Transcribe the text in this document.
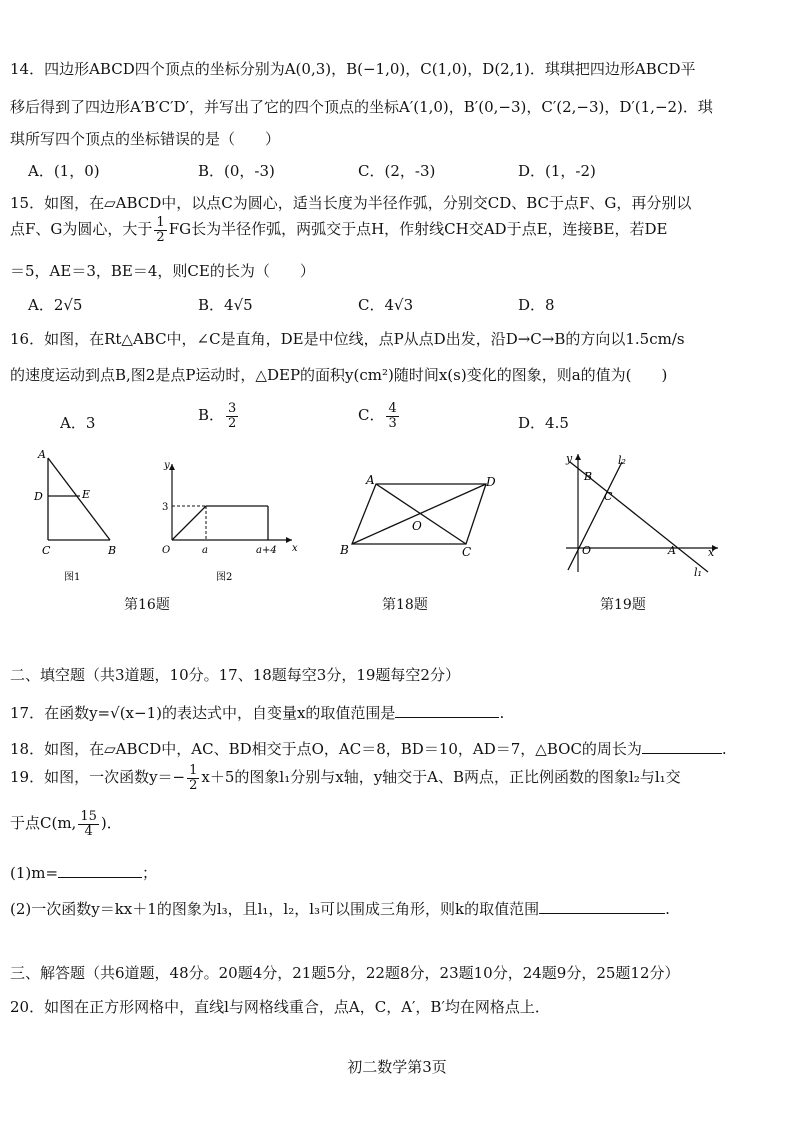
14．四边形ABCD四个顶点的坐标分别为A(0,3)，B(−1,0)，C(1,0)，D(2,1)．琪琪把四边形ABCD平
移后得到了四边形A′B′C′D′，并写出了它的四个顶点的坐标A′(1,0)，B′(0,−3)，C′(2,−3)，D′(1,−2)．琪
琪所写四个顶点的坐标错误的是（　　）
A．(1，0)	B．(0，-3)	C．(2，-3)	D．(1，-2)
15．如图，在▱ABCD中，以点C为圆心，适当长度为半径作弧，分别交CD、BC于点F、G，再分别以
点F、G为圆心，大于 $\frac{1}{2}$ FG长为半径作弧，两弧交于点H，作射线CH交AD于点E，连接BE，若DE
＝5，AE＝3，BE＝4，则CE的长为（　　）
A．2√5	B．4√5	C．4√3	D．8
16．如图，在Rt△ABC中，∠C是直角，DE是中位线，点P从点D出发，沿D→C→B的方向以1.5cm/s
的速度运动到点B,图2是点P运动时，△DEP的面积y(cm²)随时间x(s)变化的图象，则a的值为(　　)
A．3	B． $\frac{3}{2}$	C． $\frac{4}{3}$	D．4.5
A
D	E
C	B
图1
y
x
3
O	a	a+4
图2
A	D
O
B	C
y
x
B
l₂
C
O	A
l₁
第16题	第18题	第19题
二、填空题（共3道题，10分。17、18题每空3分，19题每空2分）
17．在函数y=√(x−1)的表达式中，自变量x的取值范围是	.
18．如图，在▱ABCD中，AC、BD相交于点O，AC＝8，BD＝10，AD＝7，△BOC的周长为	.
19．如图，一次函数$y=- \frac{1}{2} x+5$的图象l₁分别与x轴，y轴交于A、B两点，正比例函数的图象l₂与l₁交
于点C(m, $\frac{15}{4}$ )．
(1)m=	；
(2)一次函数y＝kx＋1的图象为l₃，且l₁，l₂，l₃可以围成三角形，则k的取值范围	.
三、解答题（共6道题，48分。20题4分，21题5分，22题8分，23题10分，24题9分，25题12分）
20．如图在正方形网格中，直线l与网格线重合，点A，C，A′，B′均在网格点上．
初二数学第3页
